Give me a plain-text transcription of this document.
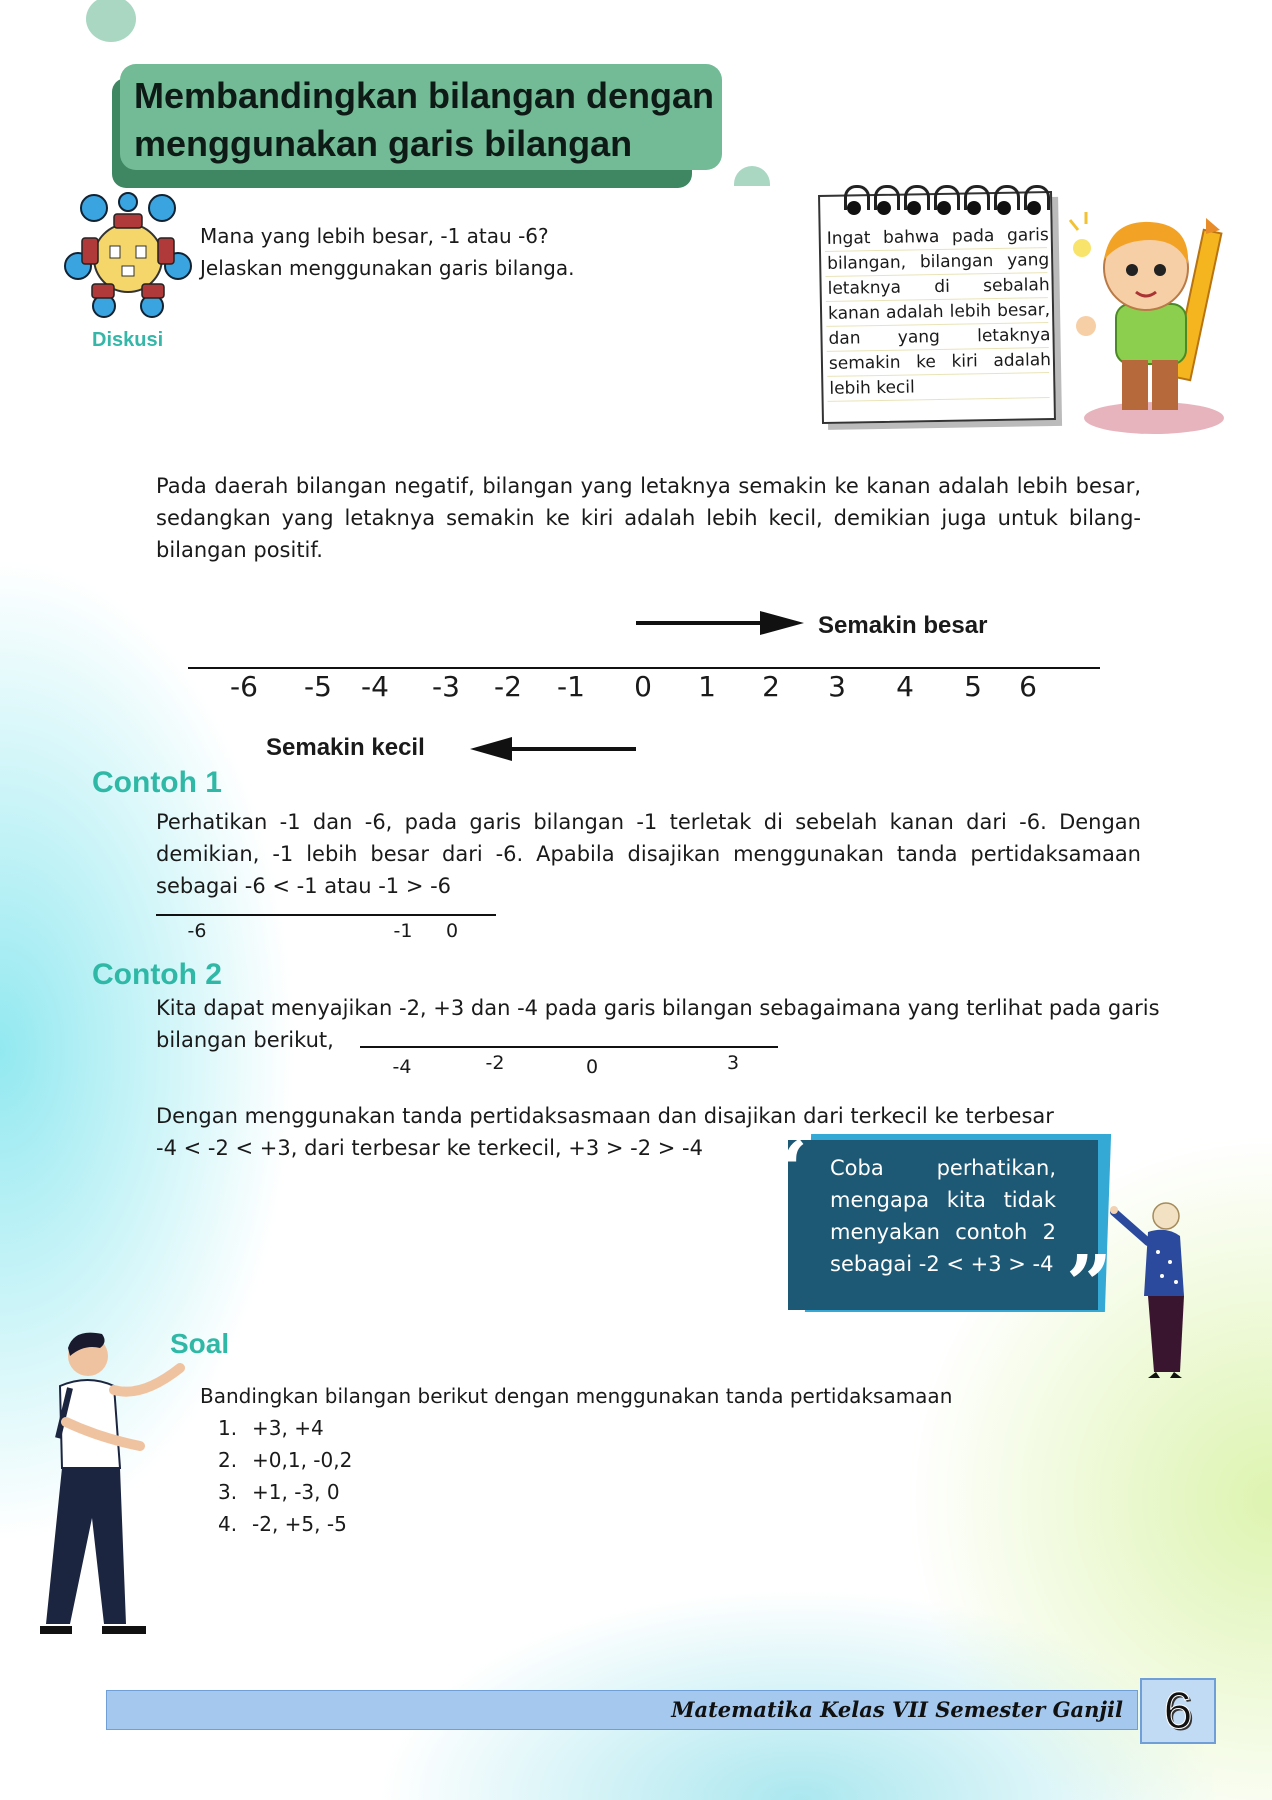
Membandingkan bilangan dengan
menggunakan garis bilangan
Diskusi
Mana yang lebih besar, -1 atau -6?
Jelaskan menggunakan garis bilanga.
Ingat bahwa pada garis bilangan, bilangan yang letaknya di sebalah kanan adalah lebih besar, dan yang letaknya semakin ke kiri adalah lebih kecil
Pada daerah bilangan negatif, bilangan yang letaknya semakin ke kanan adalah lebih besar, sedangkan yang letaknya semakin ke kiri adalah lebih kecil, demikian juga untuk bilang-bilangan positif.
Semakin besar
-6 -5 -4 -3 -2 -1 0 1 2 3 4 5 6
Semakin kecil
Contoh 1
Perhatikan -1 dan -6, pada garis bilangan -1 terletak di sebelah kanan dari -6. Dengan demikian, -1 lebih besar dari -6. Apabila disajikan menggunakan tanda pertidaksamaan sebagai -6 < -1 atau -1 > -6
-6	-1 0
Contoh 2
Kita dapat menyajikan -2, +3 dan -4 pada garis bilangan sebagaimana yang terlihat pada garis
bilangan berikut,
-4	-2	0	3
Dengan menggunakan tanda pertidaksasmaan dan disajikan dari terkecil ke terbesar
-4 < -2 < +3, dari terbesar ke terkecil, +3 > -2 > -4 “
”
Coba perhatikan, mengapa kita tidak menyakan contoh 2 sebagai -2 < +3 > -4
Soal
Bandingkan bilangan berikut dengan menggunakan tanda pertidaksamaan
1. +3, +4
2. +0,1, -0,2
3. +1, -3, 0
4. -2, +5, -5
Matematika Kelas VII Semester Ganjil 6
